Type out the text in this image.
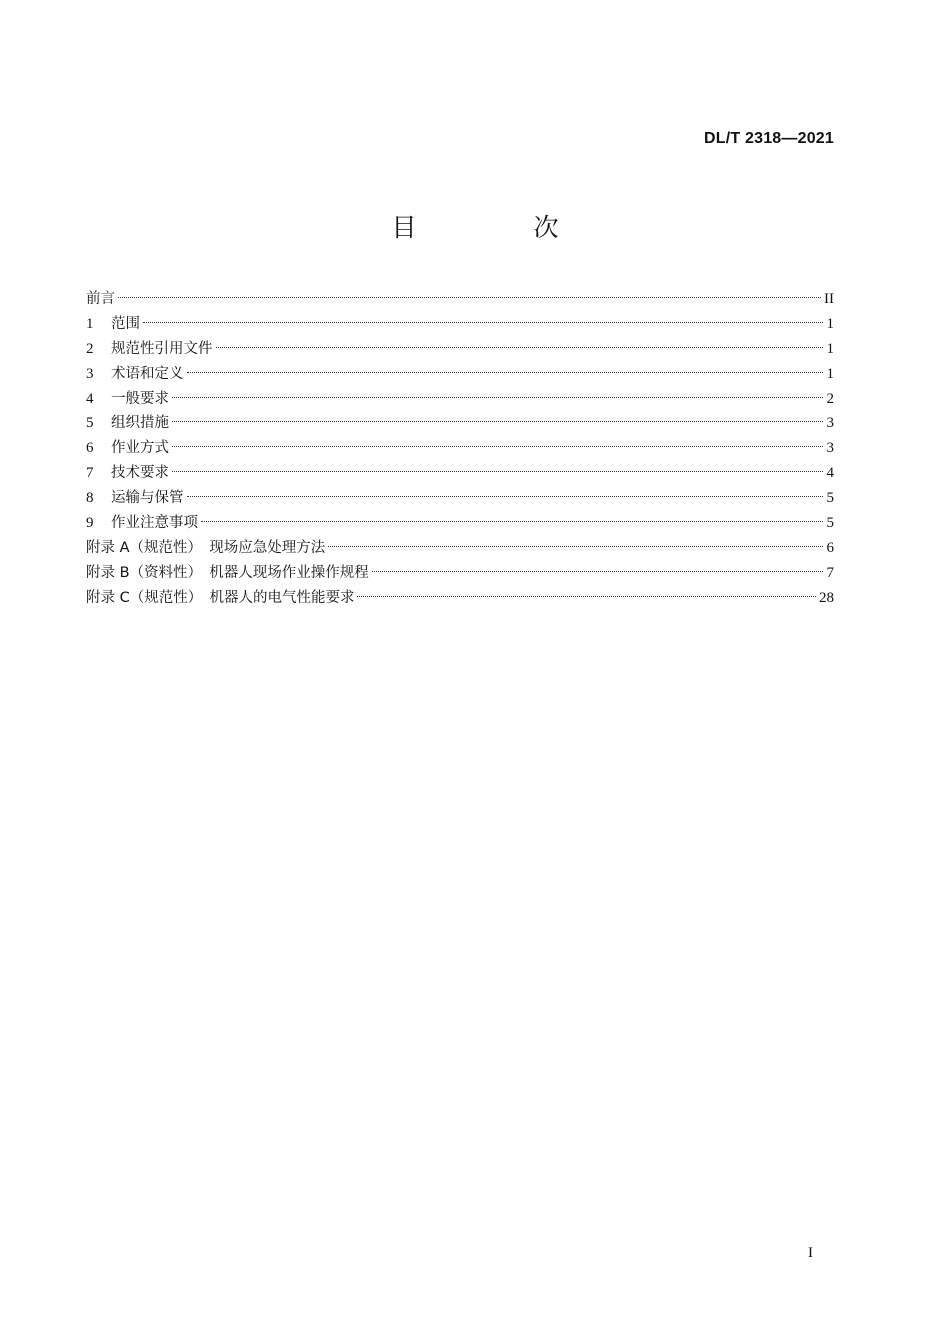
DL/T 2318—2021
目　次
前言	II
1	范围	1
2	规范性引用文件	1
3	术语和定义	1
4	一般要求	2
5	组织措施	3
6	作业方式	3
7	技术要求	4
8	运输与保管	5
9	作业注意事项	5
附录 A（规范性）　现场应急处理方法	6
附录 B（资料性）　机器人现场作业操作规程	7
附录 C（规范性）　机器人的电气性能要求	28
I
